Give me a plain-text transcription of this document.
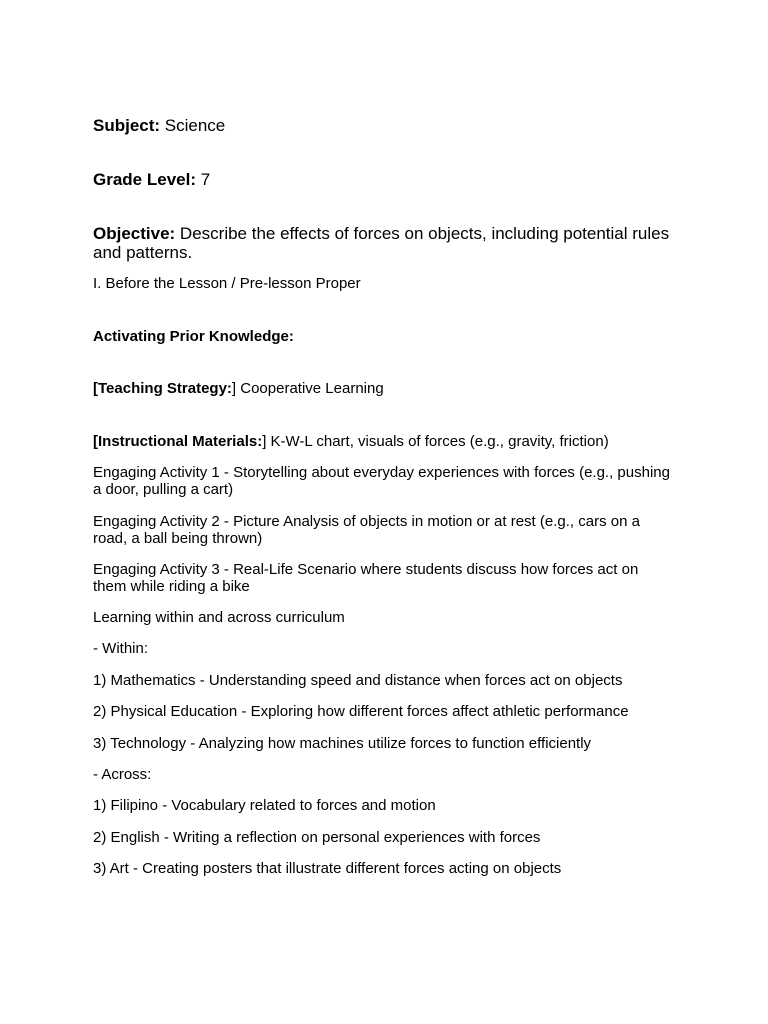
Subject: Science

Grade Level: 7

Objective: Describe the effects of forces on objects, including potential rules and patterns.

I. Before the Lesson / Pre-lesson Proper

Activating Prior Knowledge:

[Teaching Strategy:] Cooperative Learning

[Instructional Materials:] K-W-L chart, visuals of forces (e.g., gravity, friction)

Engaging Activity 1 - Storytelling about everyday experiences with forces (e.g., pushing a door, pulling a cart)

Engaging Activity 2 - Picture Analysis of objects in motion or at rest (e.g., cars on a road, a ball being thrown)

Engaging Activity 3 - Real-Life Scenario where students discuss how forces act on them while riding a bike

Learning within and across curriculum

- Within:

1) Mathematics - Understanding speed and distance when forces act on objects

2) Physical Education - Exploring how different forces affect athletic performance

3) Technology - Analyzing how machines utilize forces to function efficiently

- Across:

1) Filipino - Vocabulary related to forces and motion

2) English - Writing a reflection on personal experiences with forces

3) Art - Creating posters that illustrate different forces acting on objects
